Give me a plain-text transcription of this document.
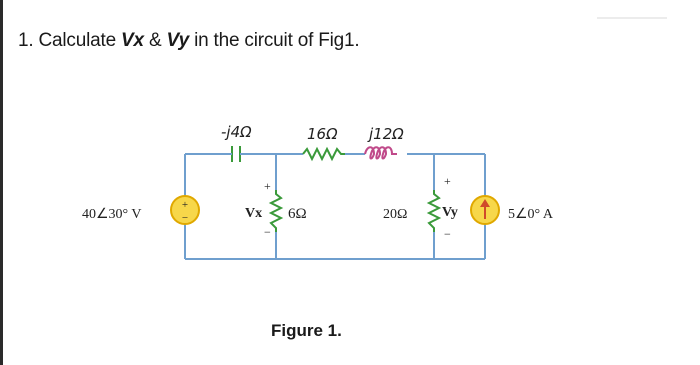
1. Calculate Vx & Vy in the circuit of Fig1.
+
−
-j4Ω	16Ω j12Ω
6Ω	20Ω
+
Vx
−
+
Vy
−
40∠30° V	5∠0° A
Figure 1.
